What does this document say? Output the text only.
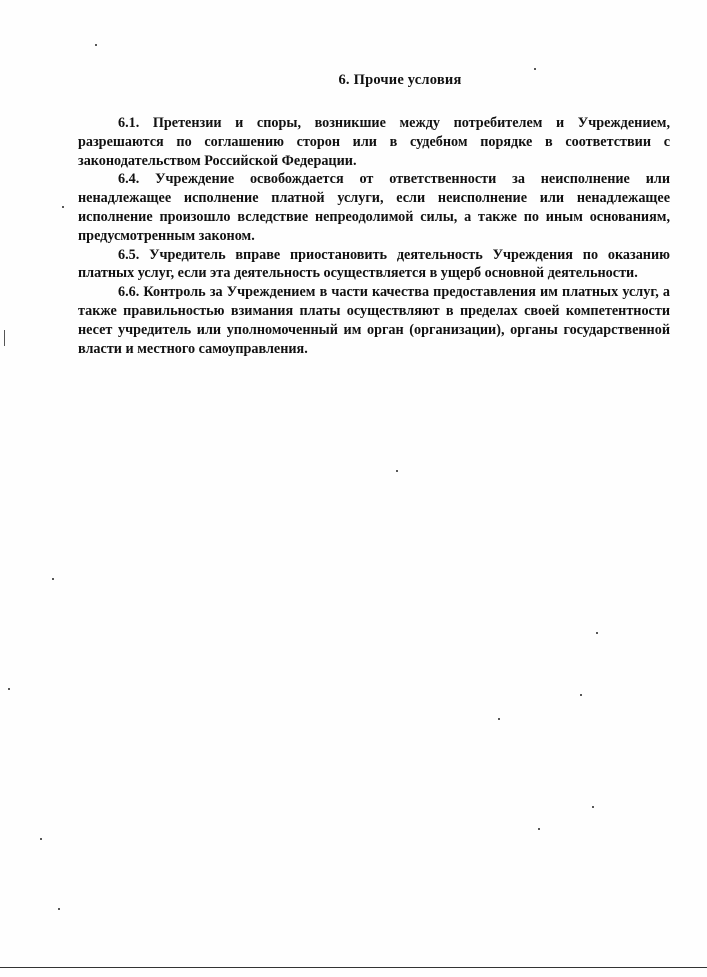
6. Прочие условия

6.1. Претензии и споры, возникшие между потребителем и Учреждением, разрешаются по соглашению сторон или в судебном порядке в соответствии с законодательством Российской Федерации.

6.4. Учреждение освобождается от ответственности за неисполнение или ненадлежащее исполнение платной услуги, если неисполнение или ненадлежащее исполнение произошло вследствие непреодолимой силы, а также по иным основаниям, предусмотренным законом.

6.5. Учредитель вправе приостановить деятельность Учреждения по оказанию платных услуг, если эта деятельность осуществляется в ущерб основной деятельности.

6.6. Контроль за Учреждением в части качества предоставления им платных услуг, а также правильностью взимания платы осуществляют в пределах своей компетентности несет учредитель или уполномоченный им орган (организации), органы государственной власти и местного самоуправления.
